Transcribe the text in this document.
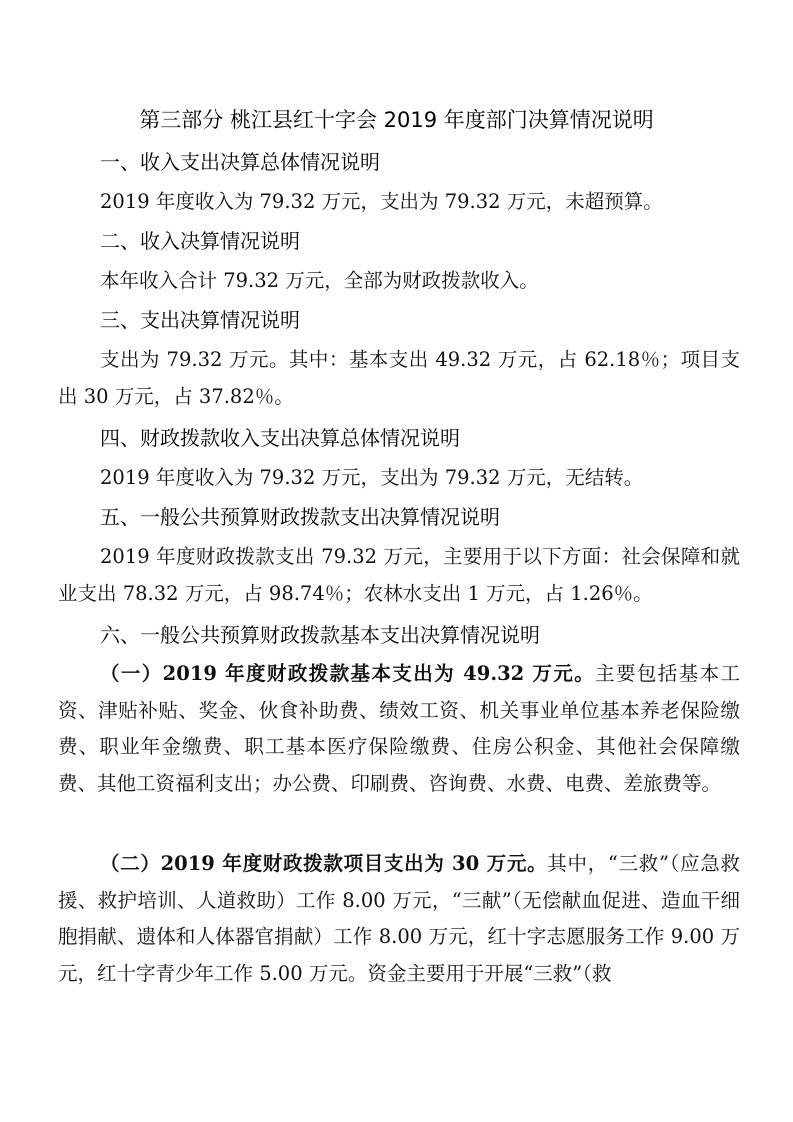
第三部分 桃江县红十字会 2019 年度部门决算情况说明
一、收入支出决算总体情况说明
2019 年度收入为 79.32 万元，支出为 79.32 万元，未超预算。
二、收入决算情况说明
本年收入合计 79.32 万元，全部为财政拨款收入。
三、支出决算情况说明
支出为 79.32 万元。其中：基本支出 49.32 万元，占 62.18％；项目支出 30 万元，占 37.82％。
四、财政拨款收入支出决算总体情况说明
2019 年度收入为 79.32 万元，支出为 79.32 万元，无结转。
五、一般公共预算财政拨款支出决算情况说明
2019 年度财政拨款支出 79.32 万元，主要用于以下方面：社会保障和就业支出 78.32 万元，占 98.74％；农林水支出 1 万元，占 1.26％。
六、一般公共预算财政拨款基本支出决算情况说明
（一）2019 年度财政拨款基本支出为 49.32 万元。主要包括基本工资、津贴补贴、奖金、伙食补助费、绩效工资、机关事业单位基本养老保险缴费、职业年金缴费、职工基本医疗保险缴费、住房公积金、其他社会保障缴费、其他工资福利支出；办公费、印刷费、咨询费、水费、电费、差旅费等。
（二）2019 年度财政拨款项目支出为 30 万元。其中，“三救”（应急救援、救护培训、人道救助）工作 8.00 万元，“三献”（无偿献血促进、造血干细胞捐献、遗体和人体器官捐献）工作 8.00 万元，红十字志愿服务工作 9.00 万元，红十字青少年工作 5.00 万元。资金主要用于开展“三救”（救
